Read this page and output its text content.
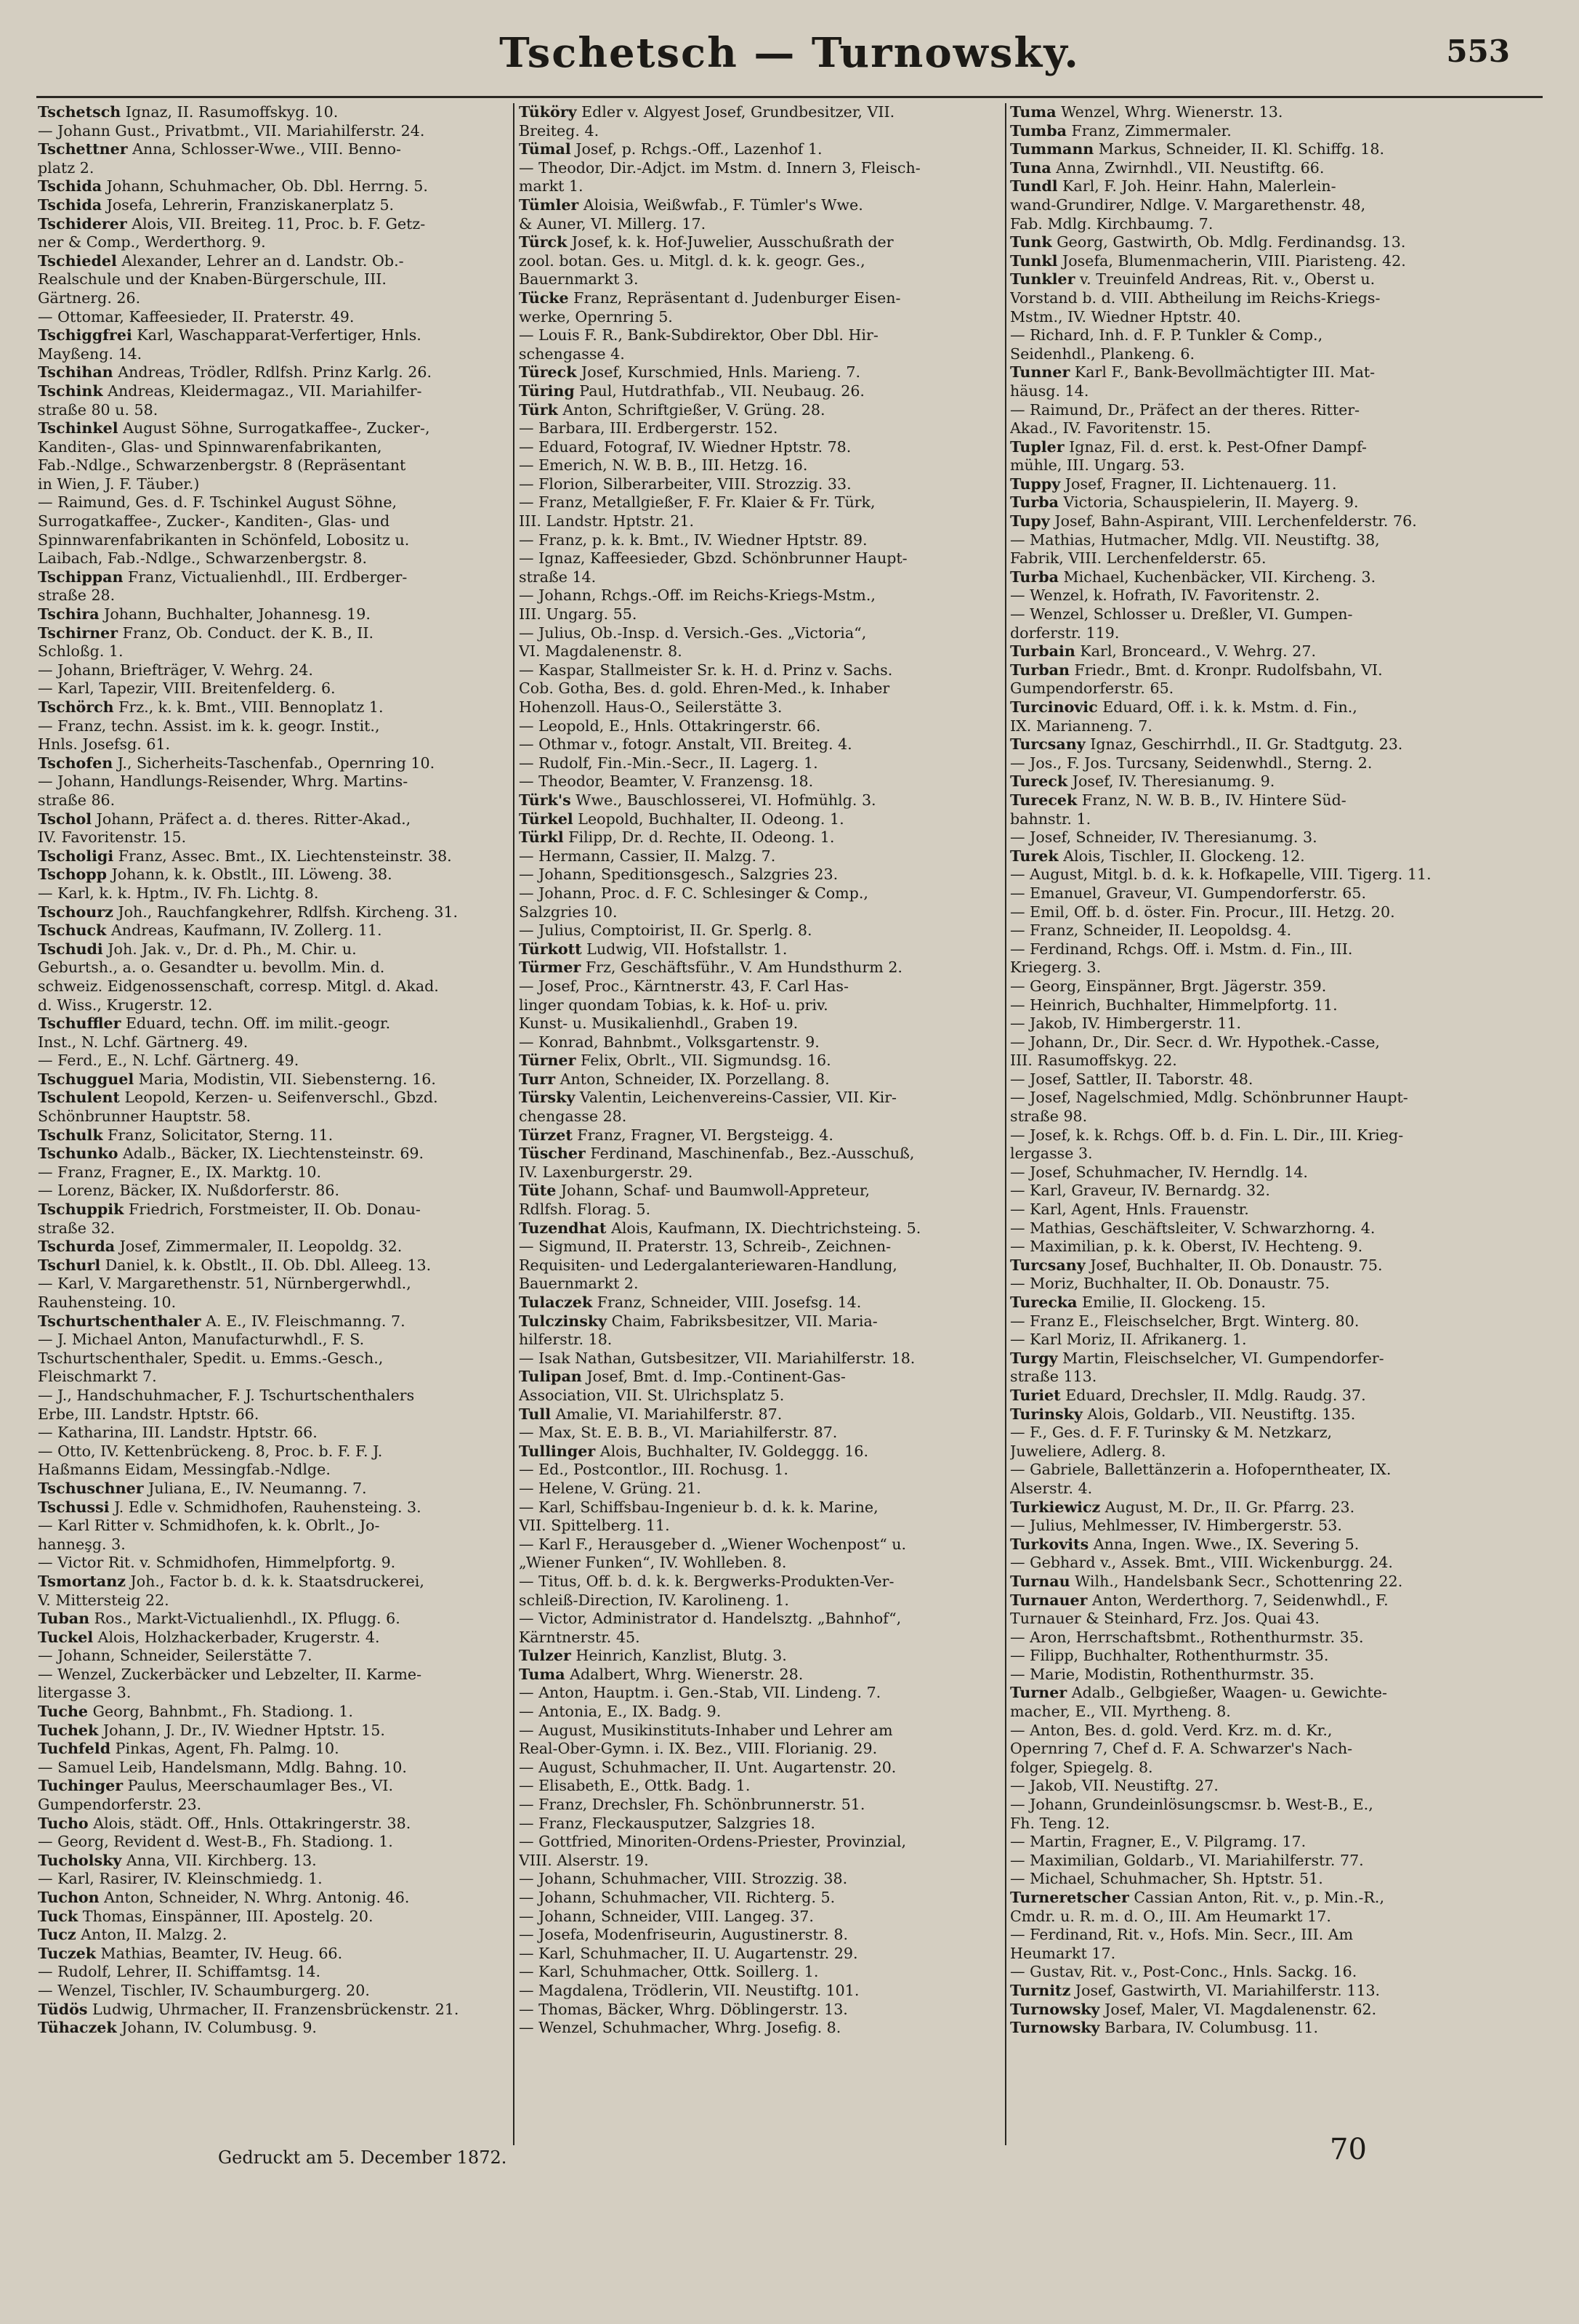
Tschetsch — Turnowsky.	553
Tschetsch Ignaz, II. Rasumoffskyg. 10.
— Johann Gust., Privatbmt., VII. Mariahilferstr. 24.
Tschettner Anna, Schlosser-Wwe., VIII. Benno-
platz 2.
Tschida Johann, Schuhmacher, Ob. Dbl. Herrng. 5.
Tschida Josefa, Lehrerin, Franziskanerplatz 5.
Tschiderer Alois, VII. Breiteg. 11, Proc. b. F. Getz-
ner & Comp., Werderthorg. 9.
Tschiedel Alexander, Lehrer an d. Landstr. Ob.-
Realschule und der Knaben-Bürgerschule, III.
Gärtnerg. 26.
— Ottomar, Kaffeesieder, II. Praterstr. 49.
Tschiggfrei Karl, Waschapparat-Verfertiger, Hnls.
Mayßeng. 14.
Tschihan Andreas, Trödler, Rdlfsh. Prinz Karlg. 26.
Tschink Andreas, Kleidermagaz., VII. Mariahilfer-
straße 80 u. 58.
Tschinkel August Söhne, Surrogatkaffee-, Zucker-,
Kanditen-, Glas- und Spinnwarenfabrikanten,
Fab.-Ndlge., Schwarzenbergstr. 8 (Repräsentant
in Wien, J. F. Täuber.)
— Raimund, Ges. d. F. Tschinkel August Söhne,
Surrogatkaffee-, Zucker-, Kanditen-, Glas- und
Spinnwarenfabrikanten in Schönfeld, Lobositz u.
Laibach, Fab.-Ndlge., Schwarzenbergstr. 8.
Tschippan Franz, Victualienhdl., III. Erdberger-
straße 28.
Tschira Johann, Buchhalter, Johannesg. 19.
Tschirner Franz, Ob. Conduct. der K. B., II.
Schloßg. 1.
— Johann, Briefträger, V. Wehrg. 24.
— Karl, Tapezir, VIII. Breitenfelderg. 6.
Tschörch Frz., k. k. Bmt., VIII. Bennoplatz 1.
— Franz, techn. Assist. im k. k. geogr. Instit.,
Hnls. Josefsg. 61.
Tschofen J., Sicherheits-Taschenfab., Opernring 10.
— Johann, Handlungs-Reisender, Whrg. Martins-
straße 86.
Tschol Johann, Präfect a. d. theres. Ritter-Akad.,
IV. Favoritenstr. 15.
Tscholigi Franz, Assec. Bmt., IX. Liechtensteinstr. 38.
Tschopp Johann, k. k. Obstlt., III. Löweng. 38.
— Karl, k. k. Hptm., IV. Fh. Lichtg. 8.
Tschourz Joh., Rauchfangkehrer, Rdlfsh. Kircheng. 31.
Tschuck Andreas, Kaufmann, IV. Zollerg. 11.
Tschudi Joh. Jak. v., Dr. d. Ph., M. Chir. u.
Geburtsh., a. o. Gesandter u. bevollm. Min. d.
schweiz. Eidgenossenschaft, corresp. Mitgl. d. Akad.
d. Wiss., Krugerstr. 12.
Tschuffler Eduard, techn. Off. im milit.-geogr.
Inst., N. Lchf. Gärtnerg. 49.
— Ferd., E., N. Lchf. Gärtnerg. 49.
Tschugguel Maria, Modistin, VII. Siebensterng. 16.
Tschulent Leopold, Kerzen- u. Seifenverschl., Gbzd.
Schönbrunner Hauptstr. 58.
Tschulk Franz, Solicitator, Sterng. 11.
Tschunko Adalb., Bäcker, IX. Liechtensteinstr. 69.
— Franz, Fragner, E., IX. Marktg. 10.
— Lorenz, Bäcker, IX. Nußdorferstr. 86.
Tschuppik Friedrich, Forstmeister, II. Ob. Donau-
straße 32.
Tschurda Josef, Zimmermaler, II. Leopoldg. 32.
Tschurl Daniel, k. k. Obstlt., II. Ob. Dbl. Alleeg. 13.
— Karl, V. Margarethenstr. 51, Nürnbergerwhdl.,
Rauhensteing. 10.
Tschurtschenthaler A. E., IV. Fleischmanng. 7.
— J. Michael Anton, Manufacturwhdl., F. S.
Tschurtschenthaler, Spedit. u. Emms.-Gesch.,
Fleischmarkt 7.
— J., Handschuhmacher, F. J. Tschurtschenthalers
Erbe, III. Landstr. Hptstr. 66.
— Katharina, III. Landstr. Hptstr. 66.
— Otto, IV. Kettenbrückeng. 8, Proc. b. F. F. J.
Haßmanns Eidam, Messingfab.-Ndlge.
Tschuschner Juliana, E., IV. Neumanng. 7.
Tschussi J. Edle v. Schmidhofen, Rauhensteing. 3.
— Karl Ritter v. Schmidhofen, k. k. Obrlt., Jo-
hanneşg. 3.
— Victor Rit. v. Schmidhofen, Himmelpfortg. 9.
Tsmortanz Joh., Factor b. d. k. k. Staatsdruckerei,
V. Mittersteig 22.
Tuban Ros., Markt-Victualienhdl., IX. Pflugg. 6.
Tuckel Alois, Holzhackerbader, Krugerstr. 4.
— Johann, Schneider, Seilerstätte 7.
— Wenzel, Zuckerbäcker und Lebzelter, II. Karme-
litergasse 3.
Tuche Georg, Bahnbmt., Fh. Stadiong. 1.
Tuchek Johann, J. Dr., IV. Wiedner Hptstr. 15.
Tuchfeld Pinkas, Agent, Fh. Palmg. 10.
— Samuel Leib, Handelsmann, Mdlg. Bahng. 10.
Tuchinger Paulus, Meerschaumlager Bes., VI.
Gumpendorferstr. 23.
Tucho Alois, städt. Off., Hnls. Ottakringerstr. 38.
— Georg, Revident d. West-B., Fh. Stadiong. 1.
Tucholsky Anna, VII. Kirchberg. 13.
— Karl, Rasirer, IV. Kleinschmiedg. 1.
Tuchon Anton, Schneider, N. Whrg. Antonig. 46.
Tuck Thomas, Einspänner, III. Apostelg. 20.
Tucz Anton, II. Malzg. 2.
Tuczek Mathias, Beamter, IV. Heug. 66.
— Rudolf, Lehrer, II. Schiffamtsg. 14.
— Wenzel, Tischler, IV. Schaumburgerg. 20.
Tüdös Ludwig, Uhrmacher, II. Franzensbrückenstr. 21.
Tühaczek Johann, IV. Columbusg. 9.
Tüköry Edler v. Algyest Josef, Grundbesitzer, VII.
Breiteg. 4.
Tümal Josef, p. Rchgs.-Off., Lazenhof 1.
— Theodor, Dir.-Adjct. im Mstm. d. Innern 3, Fleisch-
markt 1.
Tümler Aloisia, Weißwfab., F. Tümler's Wwe.
& Auner, VI. Millerg. 17.
Türck Josef, k. k. Hof-Juwelier, Ausschußrath der
zool. botan. Ges. u. Mitgl. d. k. k. geogr. Ges.,
Bauernmarkt 3.
Tücke Franz, Repräsentant d. Judenburger Eisen-
werke, Opernring 5.
— Louis F. R., Bank-Subdirektor, Ober Dbl. Hir-
schengasse 4.
Türeck Josef, Kurschmied, Hnls. Marieng. 7.
Türing Paul, Hutdrathfab., VII. Neubaug. 26.
Türk Anton, Schriftgießer, V. Grüng. 28.
— Barbara, III. Erdbergerstr. 152.
— Eduard, Fotograf, IV. Wiedner Hptstr. 78.
— Emerich, N. W. B. B., III. Hetzg. 16.
— Florion, Silberarbeiter, VIII. Strozzig. 33.
— Franz, Metallgießer, F. Fr. Klaier & Fr. Türk,
III. Landstr. Hptstr. 21.
— Franz, p. k. k. Bmt., IV. Wiedner Hptstr. 89.
— Ignaz, Kaffeesieder, Gbzd. Schönbrunner Haupt-
straße 14.
— Johann, Rchgs.-Off. im Reichs-Kriegs-Mstm.,
III. Ungarg. 55.
— Julius, Ob.-Insp. d. Versich.-Ges. „Victoria“,
VI. Magdalenenstr. 8.
— Kaspar, Stallmeister Sr. k. H. d. Prinz v. Sachs.
Cob. Gotha, Bes. d. gold. Ehren-Med., k. Inhaber
Hohenzoll. Haus-O., Seilerstätte 3.
— Leopold, E., Hnls. Ottakringerstr. 66.
— Othmar v., fotogr. Anstalt, VII. Breiteg. 4.
— Rudolf, Fin.-Min.-Secr., II. Lagerg. 1.
— Theodor, Beamter, V. Franzensg. 18.
Türk's Wwe., Bauschlosserei, VI. Hofmühlg. 3.
Türkel Leopold, Buchhalter, II. Odeong. 1.
Türkl Filipp, Dr. d. Rechte, II. Odeong. 1.
— Hermann, Cassier, II. Malzg. 7.
— Johann, Speditionsgesch., Salzgries 23.
— Johann, Proc. d. F. C. Schlesinger & Comp.,
Salzgries 10.
— Julius, Comptoirist, II. Gr. Sperlg. 8.
Türkott Ludwig, VII. Hofstallstr. 1.
Türmer Frz, Geschäftsführ., V. Am Hundsthurm 2.
— Josef, Proc., Kärntnerstr. 43, F. Carl Has-
linger quondam Tobias, k. k. Hof- u. priv.
Kunst- u. Musikalienhdl., Graben 19.
— Konrad, Bahnbmt., Volksgartenstr. 9.
Türner Felix, Obrlt., VII. Sigmundsg. 16.
Turr Anton, Schneider, IX. Porzellang. 8.
Türsky Valentin, Leichenvereins-Cassier, VII. Kir-
chengasse 28.
Türzet Franz, Fragner, VI. Bergsteigg. 4.
Tüscher Ferdinand, Maschinenfab., Bez.-Ausschuß,
IV. Laxenburgerstr. 29.
Tüte Johann, Schaf- und Baumwoll-Appreteur,
Rdlfsh. Florag. 5.
Tuzendhat Alois, Kaufmann, IX. Diechtrichsteing. 5.
— Sigmund, II. Praterstr. 13, Schreib-, Zeichnen-
Requisiten- und Ledergalanteriewaren-Handlung,
Bauernmarkt 2.
Tulaczek Franz, Schneider, VIII. Josefsg. 14.
Tulczinsky Chaim, Fabriksbesitzer, VII. Maria-
hilferstr. 18.
— Isak Nathan, Gutsbesitzer, VII. Mariahilferstr. 18.
Tulipan Josef, Bmt. d. Imp.-Continent-Gas-
Association, VII. St. Ulrichsplatz 5.
Tull Amalie, VI. Mariahilferstr. 87.
— Max, St. E. B. B., VI. Mariahilferstr. 87.
Tullinger Alois, Buchhalter, IV. Goldeggg. 16.
— Ed., Postcontlor., III. Rochusg. 1.
— Helene, V. Grüng. 21.
— Karl, Schiffsbau-Ingenieur b. d. k. k. Marine,
VII. Spittelberg. 11.
— Karl F., Herausgeber d. „Wiener Wochenpost“ u.
„Wiener Funken“, IV. Wohlleben. 8.
— Titus, Off. b. d. k. k. Bergwerks-Produkten-Ver-
schleiß-Direction, IV. Karolineng. 1.
— Victor, Administrator d. Handelsztg. „Bahnhof“,
Kärntnerstr. 45.
Tulzer Heinrich, Kanzlist, Blutg. 3.
Tuma Adalbert, Whrg. Wienerstr. 28.
— Anton, Hauptm. i. Gen.-Stab, VII. Lindeng. 7.
— Antonia, E., IX. Badg. 9.
— August, Musikinstituts-Inhaber und Lehrer am
Real-Ober-Gymn. i. IX. Bez., VIII. Florianig. 29.
— August, Schuhmacher, II. Unt. Augartenstr. 20.
— Elisabeth, E., Ottk. Badg. 1.
— Franz, Drechsler, Fh. Schönbrunnerstr. 51.
— Franz, Fleckausputzer, Salzgries 18.
— Gottfried, Minoriten-Ordens-Priester, Provinzial,
VIII. Alserstr. 19.
— Johann, Schuhmacher, VIII. Strozzig. 38.
— Johann, Schuhmacher, VII. Richterg. 5.
— Johann, Schneider, VIII. Langeg. 37.
— Josefa, Modenfriseurin, Augustinerstr. 8.
— Karl, Schuhmacher, II. U. Augartenstr. 29.
— Karl, Schuhmacher, Ottk. Soillerg. 1.
— Magdalena, Trödlerin, VII. Neustiftg. 101.
— Thomas, Bäcker, Whrg. Döblingerstr. 13.
— Wenzel, Schuhmacher, Whrg. Josefig. 8.
Tuma Wenzel, Whrg. Wienerstr. 13.
Tumba Franz, Zimmermaler.
Tummann Markus, Schneider, II. Kl. Schiffg. 18.
Tuna Anna, Zwirnhdl., VII. Neustiftg. 66.
Tundl Karl, F. Joh. Heinr. Hahn, Malerlein-
wand-Grundirer, Ndlge. V. Margarethenstr. 48,
Fab. Mdlg. Kirchbaumg. 7.
Tunk Georg, Gastwirth, Ob. Mdlg. Ferdinandsg. 13.
Tunkl Josefa, Blumenmacherin, VIII. Piaristeng. 42.
Tunkler v. Treuinfeld Andreas, Rit. v., Oberst u.
Vorstand b. d. VIII. Abtheilung im Reichs-Kriegs-
Mstm., IV. Wiedner Hptstr. 40.
— Richard, Inh. d. F. P. Tunkler & Comp.,
Seidenhdl., Plankeng. 6.
Tunner Karl F., Bank-Bevollmächtigter III. Mat-
häusg. 14.
— Raimund, Dr., Präfect an der theres. Ritter-
Akad., IV. Favoritenstr. 15.
Tupler Ignaz, Fil. d. erst. k. Pest-Ofner Dampf-
mühle, III. Ungarg. 53.
Tuppy Josef, Fragner, II. Lichtenauerg. 11.
Turba Victoria, Schauspielerin, II. Mayerg. 9.
Tupy Josef, Bahn-Aspirant, VIII. Lerchenfelderstr. 76.
— Mathias, Hutmacher, Mdlg. VII. Neustiftg. 38,
Fabrik, VIII. Lerchenfelderstr. 65.
Turba Michael, Kuchenbäcker, VII. Kircheng. 3.
— Wenzel, k. Hofrath, IV. Favoritenstr. 2.
— Wenzel, Schlosser u. Dreßler, VI. Gumpen-
dorferstr. 119.
Turbain Karl, Bronceard., V. Wehrg. 27.
Turban Friedr., Bmt. d. Kronpr. Rudolfsbahn, VI.
Gumpendorferstr. 65.
Turcinovic Eduard, Off. i. k. k. Mstm. d. Fin.,
IX. Marianneng. 7.
Turcsany Ignaz, Geschirrhdl., II. Gr. Stadtgutg. 23.
— Jos., F. Jos. Turcsany, Seidenwhdl., Sterng. 2.
Tureck Josef, IV. Theresianumg. 9.
Turecek Franz, N. W. B. B., IV. Hintere Süd-
bahnstr. 1.
— Josef, Schneider, IV. Theresianumg. 3.
Turek Alois, Tischler, II. Glockeng. 12.
— August, Mitgl. b. d. k. k. Hofkapelle, VIII. Tigerg. 11.
— Emanuel, Graveur, VI. Gumpendorferstr. 65.
— Emil, Off. b. d. öster. Fin. Procur., III. Hetzg. 20.
— Franz, Schneider, II. Leopoldsg. 4.
— Ferdinand, Rchgs. Off. i. Mstm. d. Fin., III.
Kriegerg. 3.
— Georg, Einspänner, Brgt. Jägerstr. 359.
— Heinrich, Buchhalter, Himmelpfortg. 11.
— Jakob, IV. Himbergerstr. 11.
— Johann, Dr., Dir. Secr. d. Wr. Hypothek.-Casse,
III. Rasumoffskyg. 22.
— Josef, Sattler, II. Taborstr. 48.
— Josef, Nagelschmied, Mdlg. Schönbrunner Haupt-
straße 98.
— Josef, k. k. Rchgs. Off. b. d. Fin. L. Dir., III. Krieg-
lergasse 3.
— Josef, Schuhmacher, IV. Herndlg. 14.
— Karl, Graveur, IV. Bernardg. 32.
— Karl, Agent, Hnls. Frauenstr.
— Mathias, Geschäftsleiter, V. Schwarzhorng. 4.
— Maximilian, p. k. k. Oberst, IV. Hechteng. 9.
Turcsany Josef, Buchhalter, II. Ob. Donaustr. 75.
— Moriz, Buchhalter, II. Ob. Donaustr. 75.
Turecka Emilie, II. Glockeng. 15.
— Franz E., Fleischselcher, Brgt. Winterg. 80.
— Karl Moriz, II. Afrikanerg. 1.
Turgy Martin, Fleischselcher, VI. Gumpendorfer-
straße 113.
Turiet Eduard, Drechsler, II. Mdlg. Raudg. 37.
Turinsky Alois, Goldarb., VII. Neustiftg. 135.
— F., Ges. d. F. F. Turinsky & M. Netzkarz,
Juweliere, Adlerg. 8.
— Gabriele, Ballettänzerin a. Hofoperntheater, IX.
Alserstr. 4.
Turkiewicz August, M. Dr., II. Gr. Pfarrg. 23.
— Julius, Mehlmesser, IV. Himbergerstr. 53.
Turkovits Anna, Ingen. Wwe., IX. Severing 5.
— Gebhard v., Assek. Bmt., VIII. Wickenburgg. 24.
Turnau Wilh., Handelsbank Secr., Schottenring 22.
Turnauer Anton, Werderthorg. 7, Seidenwhdl., F.
Turnauer & Steinhard, Frz. Jos. Quai 43.
— Aron, Herrschaftsbmt., Rothenthurmstr. 35.
— Filipp, Buchhalter, Rothenthurmstr. 35.
— Marie, Modistin, Rothenthurmstr. 35.
Turner Adalb., Gelbgießer, Waagen- u. Gewichte-
macher, E., VII. Myrtheng. 8.
— Anton, Bes. d. gold. Verd. Krz. m. d. Kr.,
Opernring 7, Chef d. F. A. Schwarzer's Nach-
folger, Spiegelg. 8.
— Jakob, VII. Neustiftg. 27.
— Johann, Grundeinlösungscmsr. b. West-B., E.,
Fh. Teng. 12.
— Martin, Fragner, E., V. Pilgramg. 17.
— Maximilian, Goldarb., VI. Mariahilferstr. 77.
— Michael, Schuhmacher, Sh. Hptstr. 51.
Turneretscher Cassian Anton, Rit. v., p. Min.-R.,
Cmdr. u. R. m. d. O., III. Am Heumarkt 17.
— Ferdinand, Rit. v., Hofs. Min. Secr., III. Am
Heumarkt 17.
— Gustav, Rit. v., Post-Conc., Hnls. Sackg. 16.
Turnitz Josef, Gastwirth, VI. Mariahilferstr. 113.
Turnowsky Josef, Maler, VI. Magdalenenstr. 62.
Turnowsky Barbara, IV. Columbusg. 11.
Gedruckt am 5. December 1872.	70
